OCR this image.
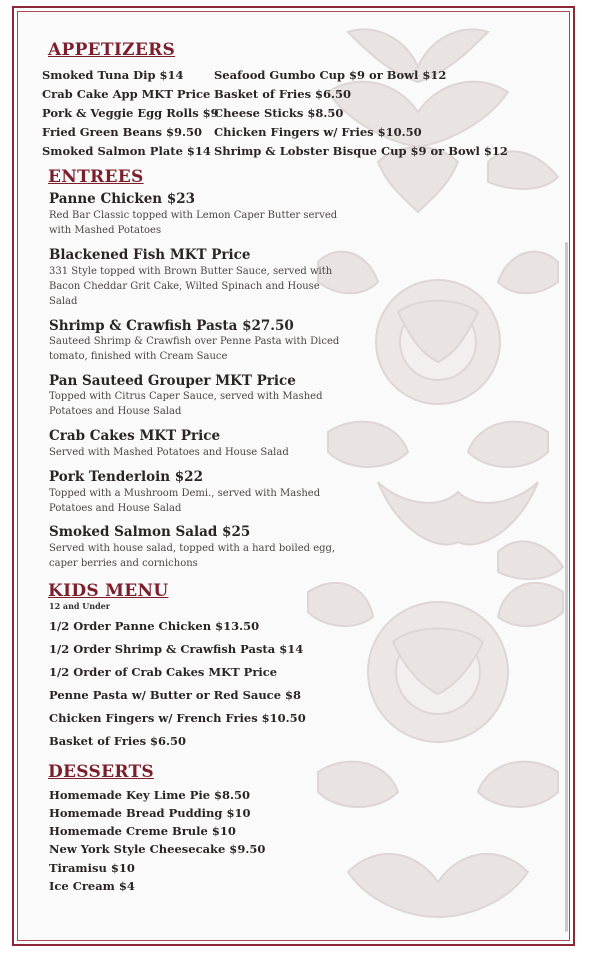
APPETIZERS
Smoked Tuna Dip $14
Crab Cake App MKT Price
Pork & Veggie Egg Rolls $9
Fried Green Beans $9.50
Smoked Salmon Plate $14
Seafood Gumbo Cup $9 or Bowl $12
Basket of Fries $6.50
Cheese Sticks $8.50
Chicken Fingers w/ Fries $10.50
Shrimp & Lobster Bisque Cup $9 or Bowl $12
ENTREES
Panne Chicken $23
Red Bar Classic topped with Lemon Caper Butter served with Mashed Potatoes
Blackened Fish MKT Price
331 Style topped with Brown Butter Sauce, served with Bacon Cheddar Grit Cake, Wilted Spinach and House Salad
Shrimp & Crawfish Pasta $27.50
Sauteed Shrimp & Crawfish over Penne Pasta with Diced tomato, finished with Cream Sauce
Pan Sauteed Grouper MKT Price
Topped with Citrus Caper Sauce, served with Mashed Potatoes and House Salad
Crab Cakes MKT Price
Served with Mashed Potatoes and House Salad
Pork Tenderloin $22
Topped with a Mushroom Demi., served with Mashed Potatoes and House Salad
Smoked Salmon Salad $25
Served with house salad, topped with a hard boiled egg, caper berries and cornichons
KIDS MENU
12 and Under
1/2 Order Panne Chicken $13.50
1/2 Order Shrimp & Crawfish Pasta $14
1/2 Order of Crab Cakes MKT Price
Penne Pasta w/ Butter or Red Sauce $8
Chicken Fingers w/ French Fries $10.50
Basket of Fries $6.50
DESSERTS
Homemade Key Lime Pie $8.50
Homemade Bread Pudding $10
Homemade Creme Brule $10
New York Style Cheesecake $9.50
Tiramisu $10
Ice Cream $4
